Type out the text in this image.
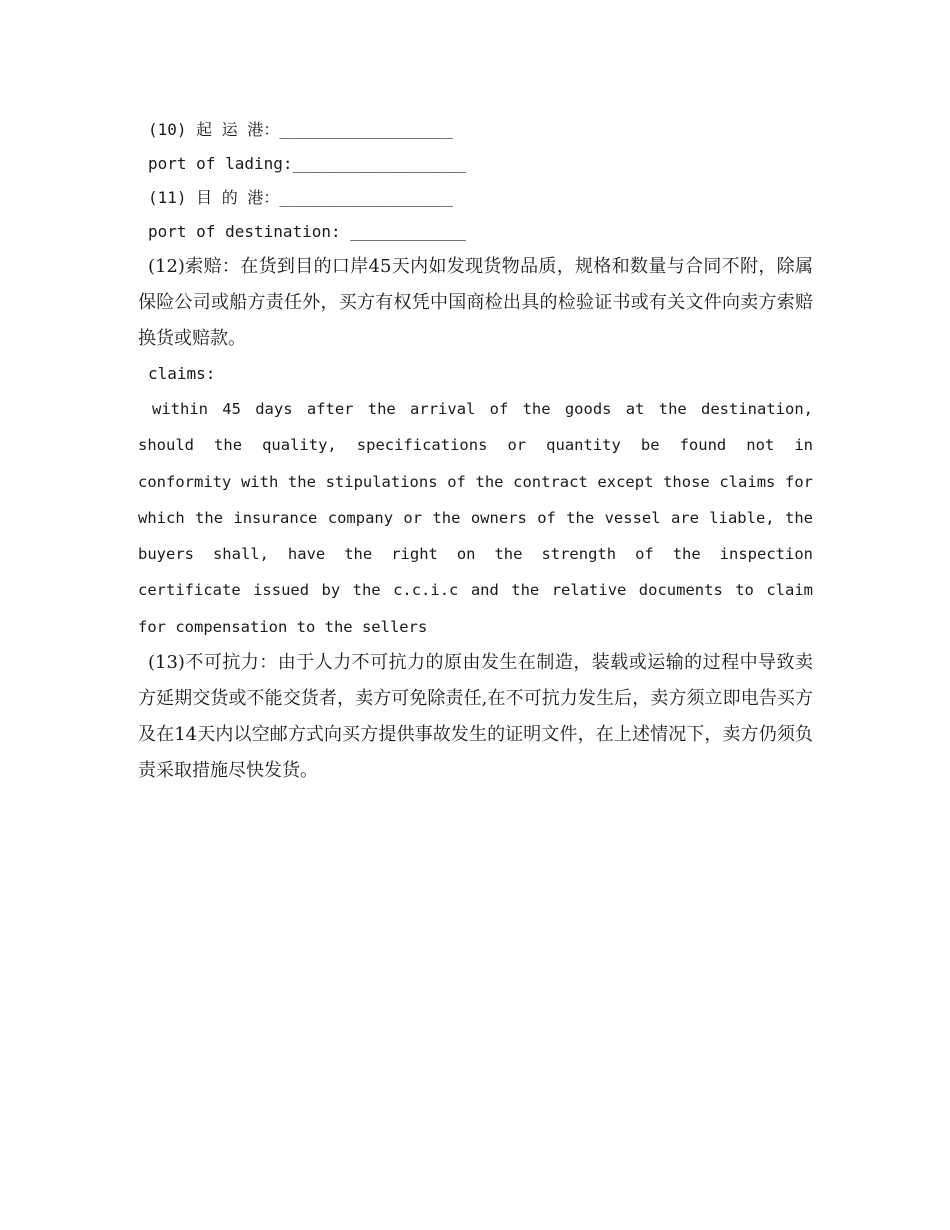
(10) 起 运 港：__________________
port of lading:__________________
(11) 目 的 港：__________________
port of destination: ____________
(12)索赔：在货到目的口岸45天内如发现货物品质，规格和数量与合同不附，除属保险公司或船方责任外，买方有权凭中国商检出具的检验证书或有关文件向卖方索赔换货或赔款。
claims:
within 45 days after the arrival of the goods at the destination, should the quality, specifications or quantity be found not in conformity with the stipulations of the contract except those claims for which the insurance company or the owners of the vessel are liable, the buyers shall, have the right on the strength of the inspection certificate issued by the c.c.i.c and the relative documents to claim for compensation to the sellers
(13)不可抗力：由于人力不可抗力的原由发生在制造，装载或运输的过程中导致卖方延期交货或不能交货者，卖方可免除责任,在不可抗力发生后，卖方须立即电告买方及在14天内以空邮方式向买方提供事故发生的证明文件，在上述情况下，卖方仍须负责采取措施尽快发货。
